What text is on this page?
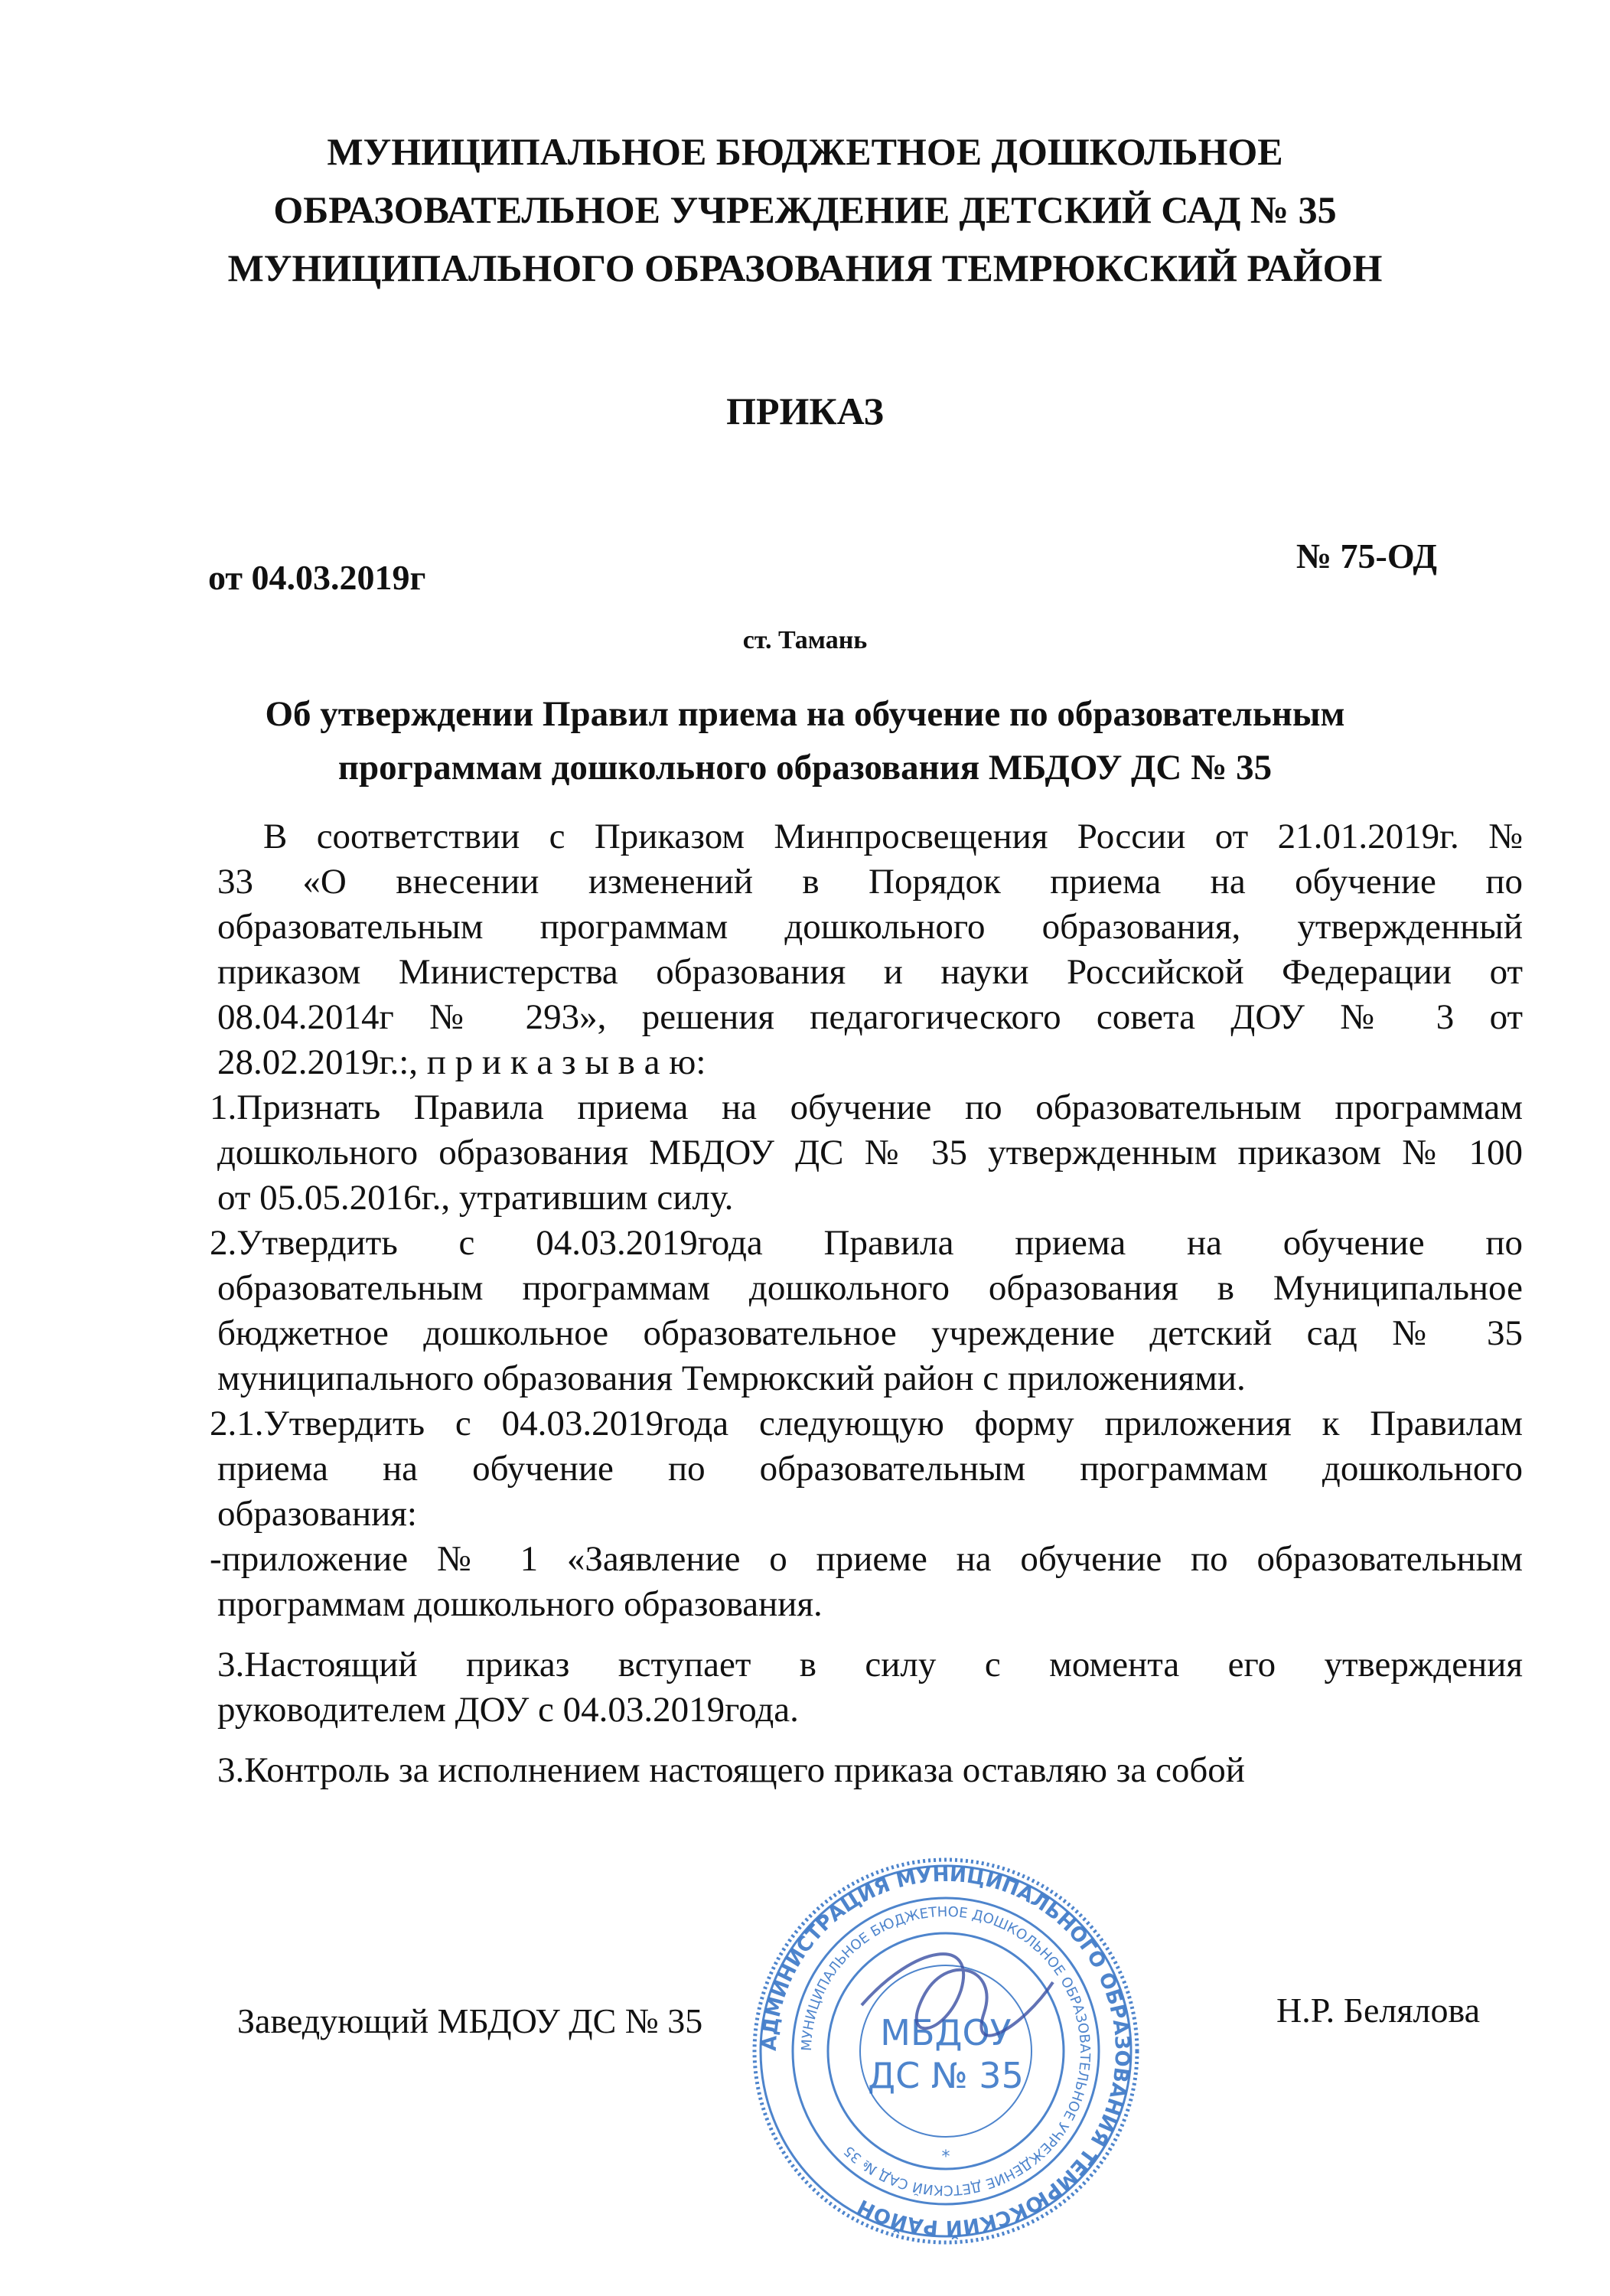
МУНИЦИПАЛЬНОЕ БЮДЖЕТНОЕ ДОШКОЛЬНОЕ
ОБРАЗОВАТЕЛЬНОЕ УЧРЕЖДЕНИЕ ДЕТСКИЙ САД № 35
МУНИЦИПАЛЬНОГО ОБРАЗОВАНИЯ ТЕМРЮКСКИЙ РАЙОН
ПРИКАЗ
от 04.03.2019г
№ 75-ОД
ст. Тамань
Об утверждении Правил приема на обучение по образовательным
программам дошкольного образования МБДОУ ДС № 35
В соответствии с Приказом Минпросвещения России от 21.01.2019г. №
33 «О внесении изменений в Порядок приема на обучение по
образовательным программам дошкольного образования, утвержденный
приказом Министерства образования и науки Российской Федерации от
08.04.2014г № 293», решения педагогического совета ДОУ № 3 от
28.02.2019г.:, п р и к а з ы в а ю:
1.Признать Правила приема на обучение по образовательным программам
дошкольного образования МБДОУ ДС № 35 утвержденным приказом № 100
от 05.05.2016г., утратившим силу.
2.Утвердить с 04.03.2019года Правила приема на обучение по
образовательным программам дошкольного образования в Муниципальное
бюджетное дошкольное образовательное учреждение детский сад № 35
муниципального образования Темрюкский район с приложениями.
2.1.Утвердить с 04.03.2019года следующую форму приложения к Правилам
приема на обучение по образовательным программам дошкольного
образования:
-приложение № 1 «Заявление о приеме на обучение по образовательным
программам дошкольного образования.
3.Настоящий приказ вступает в силу с момента его утверждения
руководителем ДОУ с 04.03.2019года.
3.Контроль за исполнением настоящего приказа оставляю за собой
Заведующий МБДОУ ДС № 35	Н.Р. Белялова
АДМИНИСТРАЦИЯ МУНИЦИПАЛЬНОГО ОБРАЗОВАНИЯ ТЕМРЮКСКИЙ РАЙОН
МУНИЦИПАЛЬНОЕ БЮДЖЕТНОЕ ДОШКОЛЬНОЕ ОБРАЗОВАТЕЛЬНОЕ УЧРЕЖДЕНИЕ ДЕТСКИЙ САД № 35
МБДОУ
ДС № 35
*
